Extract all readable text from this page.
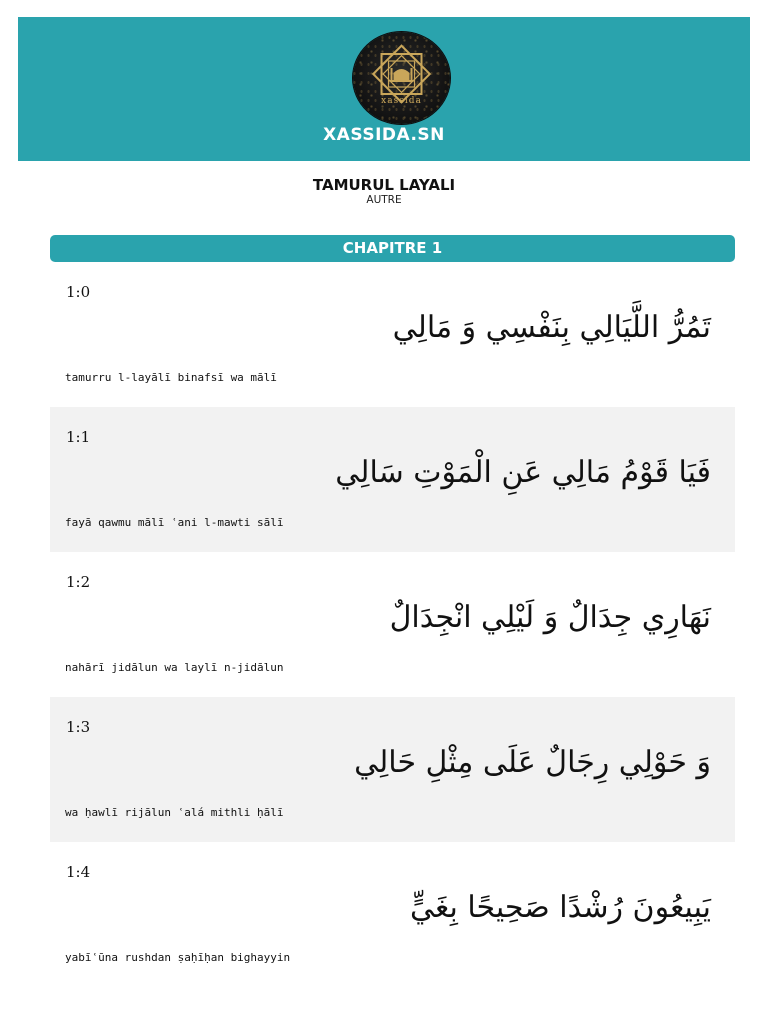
xassida
XASSIDA.SN
TAMURUL LAYALI
AUTRE
CHAPITRE 1
1:0
تَمُرُّ اللَّيَالِي بِنَفْسِي وَ مَالِي
tamurru l-layālī binafsī wa mālī
1:1
فَيَا قَوْمُ مَالِي عَنِ الْمَوْتِ سَالِي
fayā qawmu mālī ʿani l-mawti sālī
1:2
نَهَارِي جِدَالٌ وَ لَيْلِي انْجِدَالٌ
nahārī jidālun wa laylī n-jidālun
1:3
وَ حَوْلِي رِجَالٌ عَلَى مِثْلِ حَالِي
wa ḥawlī rijālun ʿalá mithli ḥālī
1:4
يَبِيعُونَ رُشْدًا صَحِيحًا بِغَيٍّ
yabīʿūna rushdan ṣaḥīḥan bighayyin
